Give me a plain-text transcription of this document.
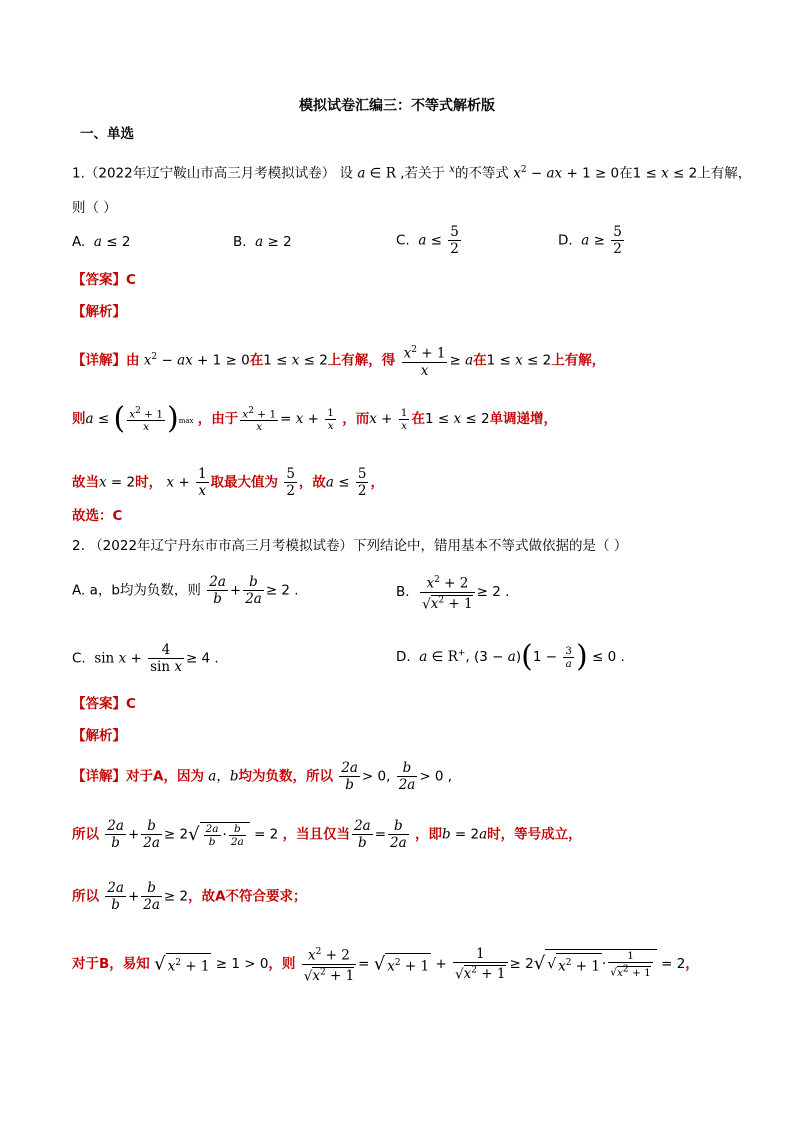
模拟试卷汇编三：不等式解析版
一、单选
1.（2022年辽宁鞍山市高三月考模拟试卷） 设 a ∈ R ,若关于 $^x$的不等式 $x^2$ − ax + 1 ≥ 0在1 ≤ x ≤ 2上有解，
则（ ）
A. a ≤ 2	B. a ≥ 2	C. $a \le \frac{5}{2}$	D. $a \ge \frac{5}{2}$
【答案】C
【解析】
【详解】由 $x^2$ − ax + 1 ≥ 0在1 ≤ x ≤ 2上有解，得 $\frac{x^2 + 1}{x} \ge a$在1 ≤ x ≤ 2上有解，
则a ≤ ( $\frac{x^2 + 1}{x} )\max$ ，由于 $\frac{x^2 + 1}{x} = x + \frac{1}{x}$ ，而$x + \frac{1}{x}$ 在1 ≤ x ≤ 2单调递增，
故当x = 2时， $x + \frac{1}{x}$ 取最大值为 $\frac{5}{2}$ ，故$a \le \frac{5}{2}$ ，
故选：C
2. （2022年辽宁丹东市市高三月考模拟试卷）下列结论中，错用基本不等式做依据的是（ ）
A. a，b均为负数，则 $\frac{2a}{b} + \frac{b}{2a} \ge 2$ .	B. $\frac{x^2 + 2}{√x^2 + 1} \ge 2$ .
C. $\sin x + \frac{4}{\text{sin x}} \ge 4$ .	D. a ∈ R+, $(3 - a)(1 - \frac{3}{a}$ ) ≤ 0 .
【答案】C
【解析】
【详解】对于A，因为 a，b均为负数，所以 $\frac{2a}{b} > 0$, $\frac{b}{2a} > 0$ ,
所以 $\frac{2a}{b} + \frac{b}{2a} \ge 2√ \frac{2a}{b} \cdot \frac{b}{2a} = 2$ ，当且仅当 $\frac{2a}{b} = \frac{b}{2a}$ ，即b = 2a时，等号成立，
所以 $\frac{2a}{b} + \frac{b}{2a} \ge 2$，故A不符合要求；
对于B，易知 √ $x^2 + 1 \ge 1 > 0$，则 $\frac{x^2 + 2}{√x^2 + 1}$ = √ $x^2 + 1 + \frac{1}{√x^2 + 1} \ge 2√$ √ $x^2 + 1 \cdot \frac{1}{√x^2 + 1} = 2$，
